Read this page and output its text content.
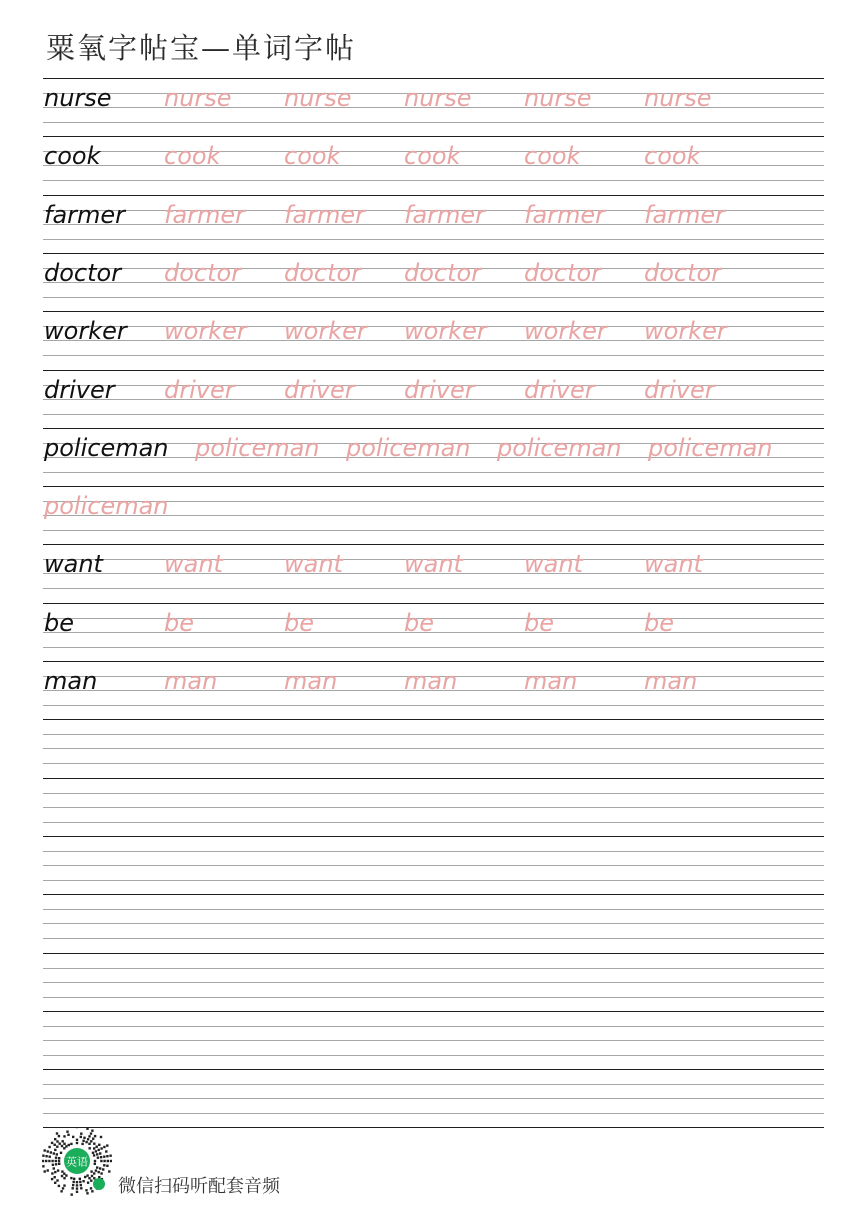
粟氧字帖宝—单词字帖
nurse nurse nurse nurse nurse nurse
cook	cook	cook	cook	cook	cook
farmer farmer farmer farmer farmer farmer
doctor doctor doctor doctor doctor doctor
worker worker worker worker worker worker
driver driver driver driver driver driver
policeman policeman policeman policeman policeman
policeman
want	want	want	want	want	want
be	be	be	be	be	be
man	man	man	man	man	man
英语
微信扫码听配套音频
